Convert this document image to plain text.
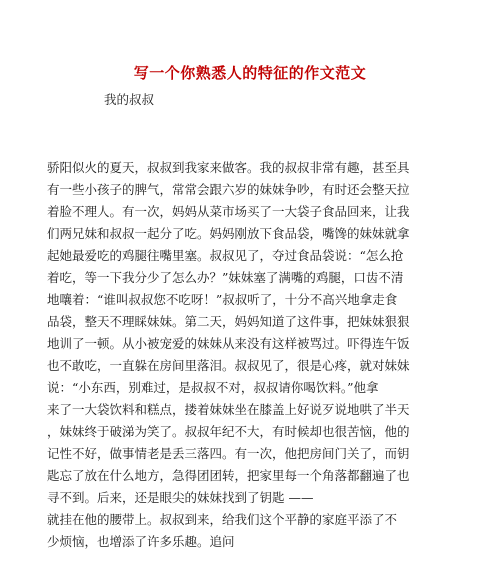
写一个你熟悉人的特征的作文范文
我的叔叔
骄阳似火的夏天，叔叔到我家来做客。我的叔叔非常有趣，甚至具
有一些小孩子的脾气，常常会跟六岁的妹妹争吵，有时还会整天拉
着脸不理人。有一次，妈妈从菜市场买了一大袋子食品回来，让我
们两兄妹和叔叔一起分了吃。妈妈刚放下食品袋，嘴馋的妹妹就拿
起她最爱吃的鸡腿往嘴里塞。叔叔见了，夺过食品袋说：“怎么抢
着吃，等一下我分少了怎么办？”妹妹塞了满嘴的鸡腿，口齿不清
地嚷着：“谁叫叔叔您不吃呀！”叔叔听了，十分不高兴地拿走食
品袋，整天不理睬妹妹。第二天，妈妈知道了这件事，把妹妹狠狠
地训了一顿。从小被宠爱的妹妹从来没有这样被骂过。吓得连午饭
也不敢吃，一直躲在房间里落泪。叔叔见了，很是心疼，就对妹妹
说：“小东西，别难过，是叔叔不对，叔叔请你喝饮料。”他拿
来了一大袋饮料和糕点，搂着妹妹坐在膝盖上好说歹说地哄了半天
，妹妹终于破涕为笑了。叔叔年纪不大，有时候却也很苦恼，他的
记性不好，做事情老是丢三落四。有一次，他把房间门关了，而钥
匙忘了放在什么地方，急得团团转，把家里每一个角落都翻遍了也
寻不到。后来，还是眼尖的妹妹找到了钥匙 ——
就挂在他的腰带上。叔叔到来，给我们这个平静的家庭平添了不
少烦恼，也增添了许多乐趣。追问
